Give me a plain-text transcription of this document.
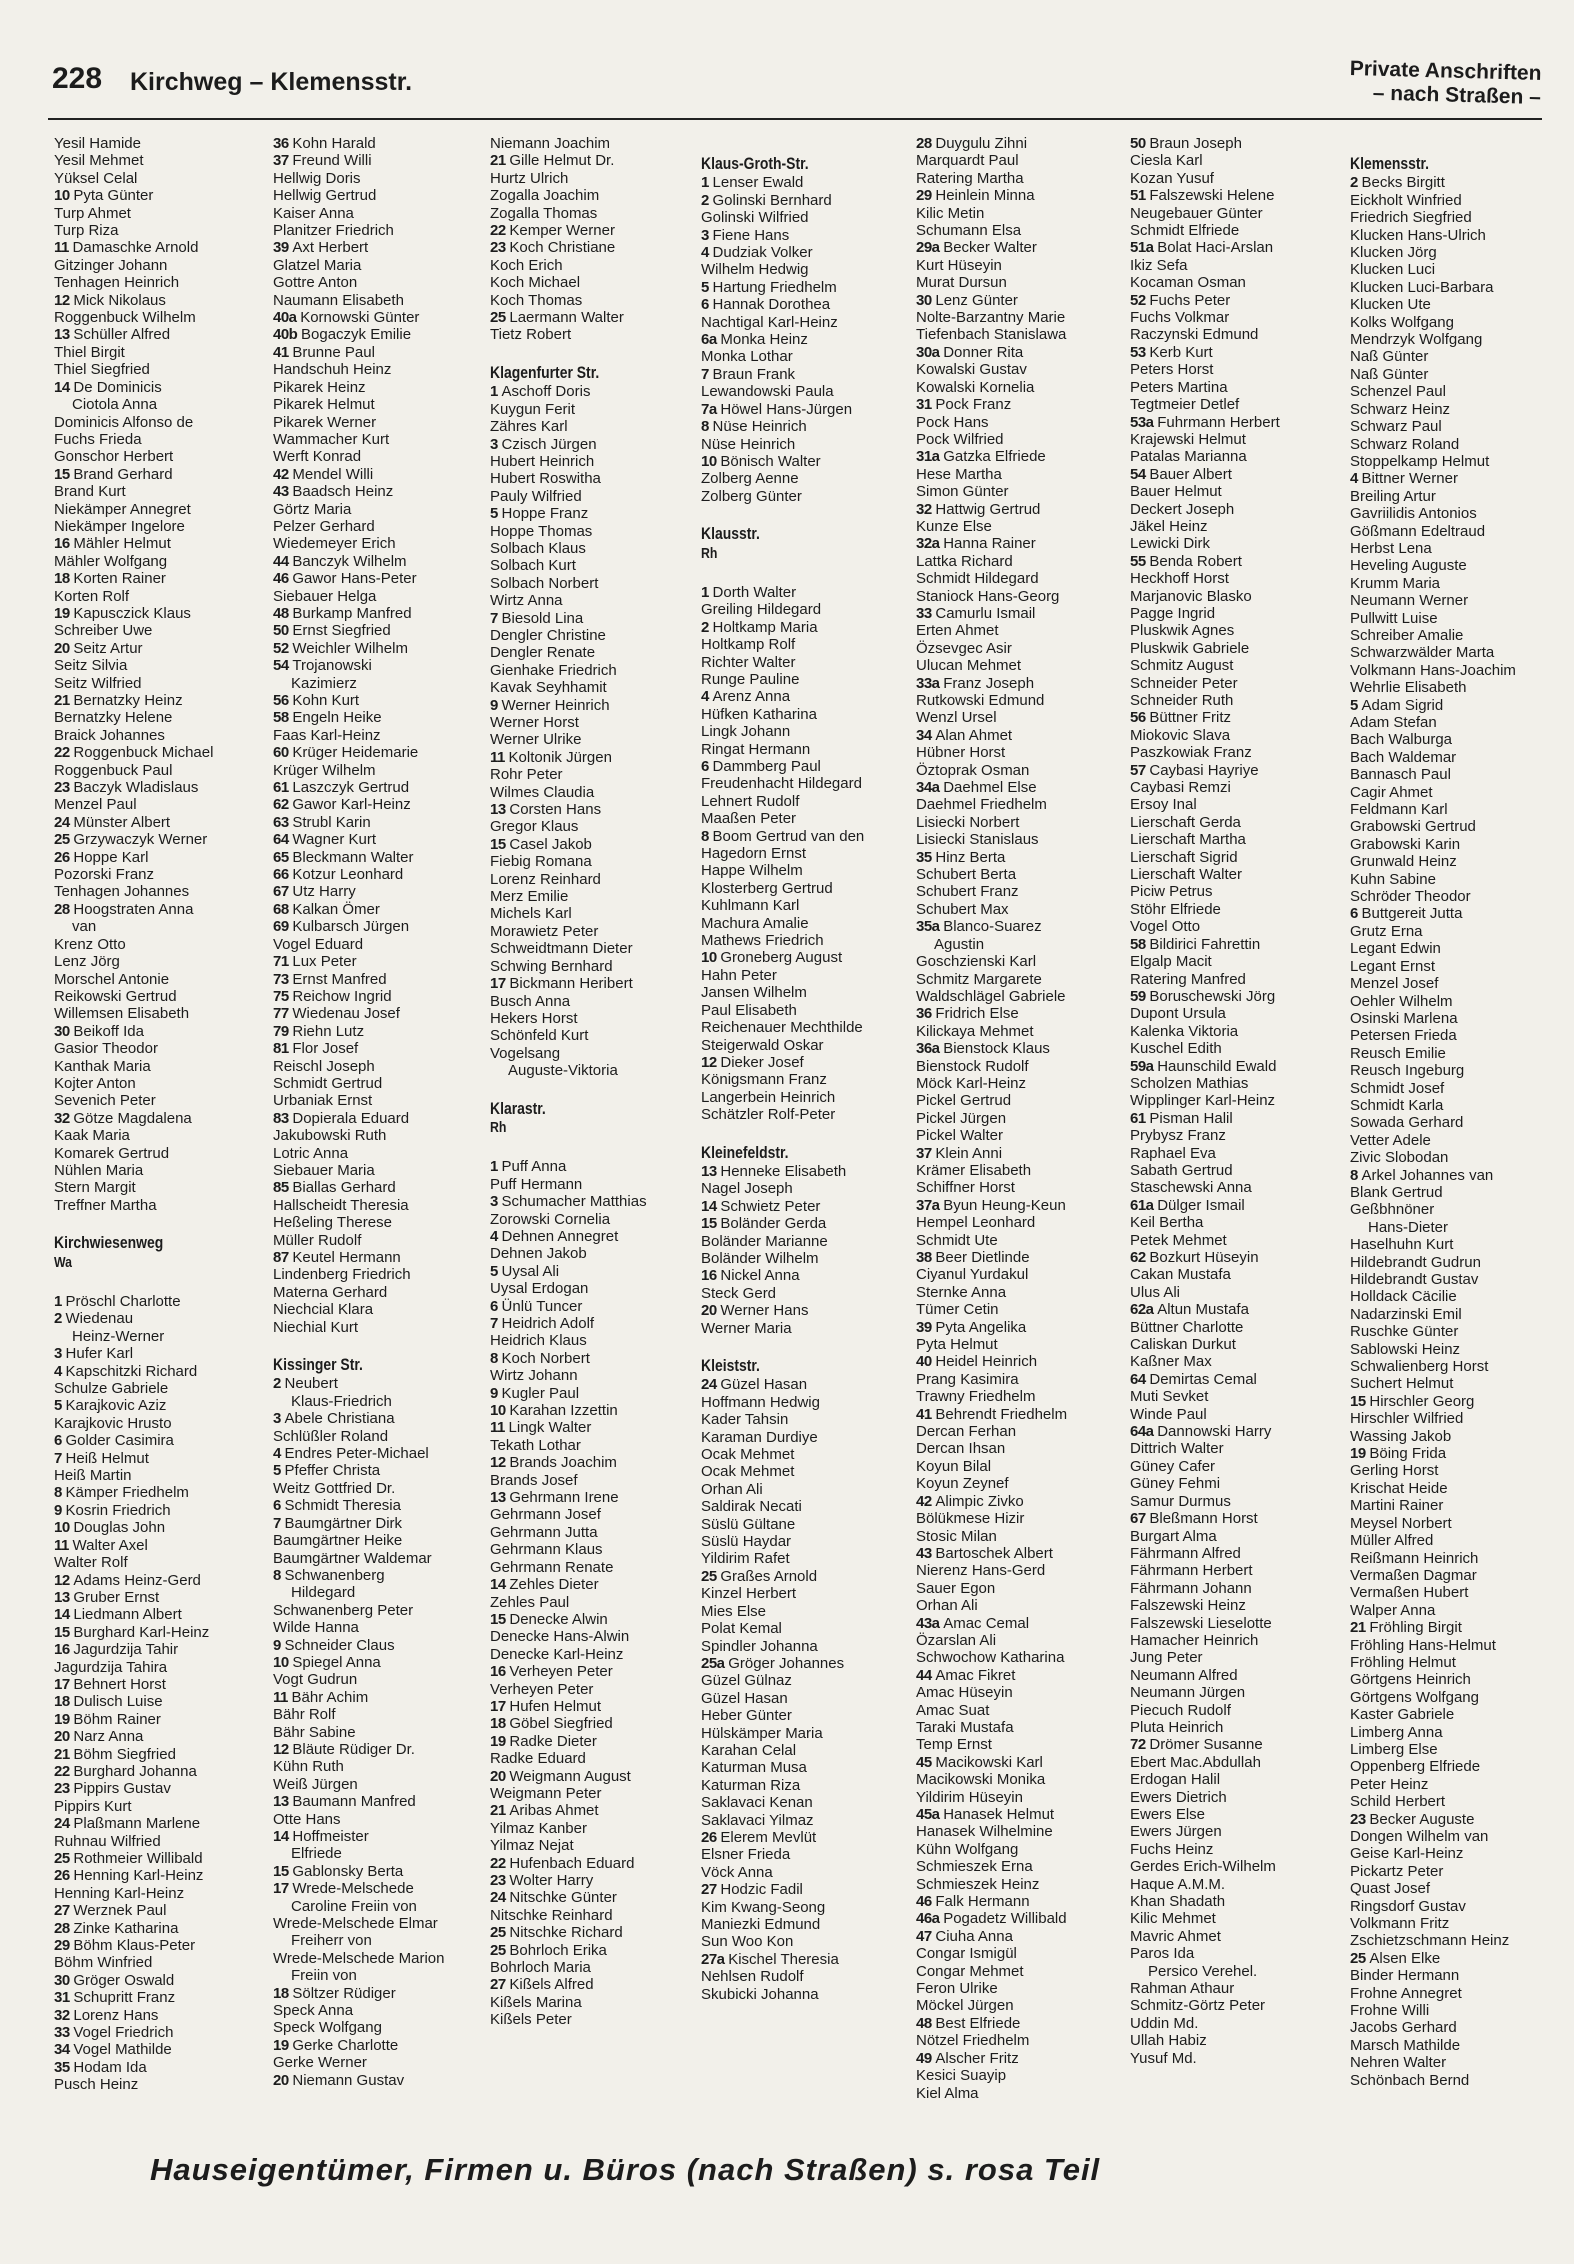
228 Kirchweg – Klemensstr.	Private Anschriften
– nach Straßen –
Yesil Hamide
Yesil Mehmet
Yüksel Celal
10 Pyta Günter
Turp Ahmet
Turp Riza
11 Damaschke Arnold
Gitzinger Johann
Tenhagen Heinrich
12 Mick Nikolaus
Roggenbuck Wilhelm
13 Schüller Alfred
Thiel Birgit
Thiel Siegfried
14 De Dominicis
Ciotola Anna
Dominicis Alfonso de
Fuchs Frieda
Gonschor Herbert
15 Brand Gerhard
Brand Kurt
Niekämper Annegret
Niekämper Ingelore
16 Mähler Helmut
Mähler Wolfgang
18 Korten Rainer
Korten Rolf
19 Kapusczick Klaus
Schreiber Uwe
20 Seitz Artur
Seitz Silvia
Seitz Wilfried
21 Bernatzky Heinz
Bernatzky Helene
Braick Johannes
22 Roggenbuck Michael
Roggenbuck Paul
23 Baczyk Wladislaus
Menzel Paul
24 Münster Albert
25 Grzywaczyk Werner
26 Hoppe Karl
Pozorski Franz
Tenhagen Johannes
28 Hoogstraten Anna
van
Krenz Otto
Lenz Jörg
Morschel Antonie
Reikowski Gertrud
Willemsen Elisabeth
30 Beikoff Ida
Gasior Theodor
Kanthak Maria
Kojter Anton
Sevenich Peter
32 Götze Magdalena
Kaak Maria
Komarek Gertrud
Nühlen Maria
Stern Margit
Treffner Martha
Kirchwiesenweg
Wa
1 Pröschl Charlotte
2 Wiedenau
Heinz-Werner
3 Hufer Karl
4 Kapschitzki Richard
Schulze Gabriele
5 Karajkovic Aziz
Karajkovic Hrusto
6 Golder Casimira
7 Heiß Helmut
Heiß Martin
8 Kämper Friedhelm
9 Kosrin Friedrich
10 Douglas John
11 Walter Axel
Walter Rolf
12 Adams Heinz-Gerd
13 Gruber Ernst
14 Liedmann Albert
15 Burghard Karl-Heinz
16 Jagurdzija Tahir
Jagurdzija Tahira
17 Behnert Horst
18 Dulisch Luise
19 Böhm Rainer
20 Narz Anna
21 Böhm Siegfried
22 Burghard Johanna
23 Pippirs Gustav
Pippirs Kurt
24 Plaßmann Marlene
Ruhnau Wilfried
25 Rothmeier Willibald
26 Henning Karl-Heinz
Henning Karl-Heinz
27 Werznek Paul
28 Zinke Katharina
29 Böhm Klaus-Peter
Böhm Winfried
30 Gröger Oswald
31 Schupritt Franz
32 Lorenz Hans
33 Vogel Friedrich
34 Vogel Mathilde
35 Hodam Ida
Pusch Heinz
36 Kohn Harald
37 Freund Willi
Hellwig Doris
Hellwig Gertrud
Kaiser Anna
Planitzer Friedrich
39 Axt Herbert
Glatzel Maria
Gottre Anton
Naumann Elisabeth
40a Kornowski Günter
40b Bogaczyk Emilie
41 Brunne Paul
Handschuh Heinz
Pikarek Heinz
Pikarek Helmut
Pikarek Werner
Wammacher Kurt
Werft Konrad
42 Mendel Willi
43 Baadsch Heinz
Görtz Maria
Pelzer Gerhard
Wiedemeyer Erich
44 Banczyk Wilhelm
46 Gawor Hans-Peter
Siebauer Helga
48 Burkamp Manfred
50 Ernst Siegfried
52 Weichler Wilhelm
54 Trojanowski
Kazimierz
56 Kohn Kurt
58 Engeln Heike
Faas Karl-Heinz
60 Krüger Heidemarie
Krüger Wilhelm
61 Laszczyk Gertrud
62 Gawor Karl-Heinz
63 Strubl Karin
64 Wagner Kurt
65 Bleckmann Walter
66 Kotzur Leonhard
67 Utz Harry
68 Kalkan Ömer
69 Kulbarsch Jürgen
Vogel Eduard
71 Lux Peter
73 Ernst Manfred
75 Reichow Ingrid
77 Wiedenau Josef
79 Riehn Lutz
81 Flor Josef
Reischl Joseph
Schmidt Gertrud
Urbaniak Ernst
83 Dopierala Eduard
Jakubowski Ruth
Lotric Anna
Siebauer Maria
85 Biallas Gerhard
Hallscheidt Theresia
Heßeling Therese
Müller Rudolf
87 Keutel Hermann
Lindenberg Friedrich
Materna Gerhard
Niechcial Klara
Niechial Kurt
Kissinger Str.
2 Neubert
Klaus-Friedrich
3 Abele Christiana
Schlüßler Roland
4 Endres Peter-Michael
5 Pfeffer Christa
Weitz Gottfried Dr.
6 Schmidt Theresia
7 Baumgärtner Dirk
Baumgärtner Heike
Baumgärtner Waldemar
8 Schwanenberg
Hildegard
Schwanenberg Peter
Wilde Hanna
9 Schneider Claus
10 Spiegel Anna
Vogt Gudrun
11 Bähr Achim
Bähr Rolf
Bähr Sabine
12 Bläute Rüdiger Dr.
Kühn Ruth
Weiß Jürgen
13 Baumann Manfred
Otte Hans
14 Hoffmeister
Elfriede
15 Gablonsky Berta
17 Wrede-Melschede
Caroline Freiin von
Wrede-Melschede Elmar
Freiherr von
Wrede-Melschede Marion
Freiin von
18 Söltzer Rüdiger
Speck Anna
Speck Wolfgang
19 Gerke Charlotte
Gerke Werner
20 Niemann Gustav
Niemann Joachim
21 Gille Helmut Dr.
Hurtz Ulrich
Zogalla Joachim
Zogalla Thomas
22 Kemper Werner
23 Koch Christiane
Koch Erich
Koch Michael
Koch Thomas
25 Laermann Walter
Tietz Robert
Klagenfurter Str.
1 Aschoff Doris
Kuygun Ferit
Zähres Karl
3 Czisch Jürgen
Hubert Heinrich
Hubert Roswitha
Pauly Wilfried
5 Hoppe Franz
Hoppe Thomas
Solbach Klaus
Solbach Kurt
Solbach Norbert
Wirtz Anna
7 Biesold Lina
Dengler Christine
Dengler Renate
Gienhake Friedrich
Kavak Seyhhamit
9 Werner Heinrich
Werner Horst
Werner Ulrike
11 Koltonik Jürgen
Rohr Peter
Wilmes Claudia
13 Corsten Hans
Gregor Klaus
15 Casel Jakob
Fiebig Romana
Lorenz Reinhard
Merz Emilie
Michels Karl
Morawietz Peter
Schweidtmann Dieter
Schwing Bernhard
17 Bickmann Heribert
Busch Anna
Hekers Horst
Schönfeld Kurt
Vogelsang
Auguste-Viktoria
Klarastr.
Rh
1 Puff Anna
Puff Hermann
3 Schumacher Matthias
Zorowski Cornelia
4 Dehnen Annegret
Dehnen Jakob
5 Uysal Ali
Uysal Erdogan
6 Ünlü Tuncer
7 Heidrich Adolf
Heidrich Klaus
8 Koch Norbert
Wirtz Johann
9 Kugler Paul
10 Karahan Izzettin
11 Lingk Walter
Tekath Lothar
12 Brands Joachim
Brands Josef
13 Gehrmann Irene
Gehrmann Josef
Gehrmann Jutta
Gehrmann Klaus
Gehrmann Renate
14 Zehles Dieter
Zehles Paul
15 Denecke Alwin
Denecke Hans-Alwin
Denecke Karl-Heinz
16 Verheyen Peter
Verheyen Peter
17 Hufen Helmut
18 Göbel Siegfried
19 Radke Dieter
Radke Eduard
20 Weigmann August
Weigmann Peter
21 Aribas Ahmet
Yilmaz Kanber
Yilmaz Nejat
22 Hufenbach Eduard
23 Wolter Harry
24 Nitschke Günter
Nitschke Reinhard
25 Nitschke Richard
25 Bohrloch Erika
Bohrloch Maria
27 Kißels Alfred
Kißels Marina
Kißels Peter
Klaus-Groth-Str.
1 Lenser Ewald
2 Golinski Bernhard
Golinski Wilfried
3 Fiene Hans
4 Dudziak Volker
Wilhelm Hedwig
5 Hartung Friedhelm
6 Hannak Dorothea
Nachtigal Karl-Heinz
6a Monka Heinz
Monka Lothar
7 Braun Frank
Lewandowski Paula
7a Höwel Hans-Jürgen
8 Nüse Heinrich
Nüse Heinrich
10 Bönisch Walter
Zolberg Aenne
Zolberg Günter
Klausstr.
Rh
1 Dorth Walter
Greiling Hildegard
2 Holtkamp Maria
Holtkamp Rolf
Richter Walter
Runge Pauline
4 Arenz Anna
Hüfken Katharina
Lingk Johann
Ringat Hermann
6 Dammberg Paul
Freudenhacht Hildegard
Lehnert Rudolf
Maaßen Peter
8 Boom Gertrud van den
Hagedorn Ernst
Happe Wilhelm
Klosterberg Gertrud
Kuhlmann Karl
Machura Amalie
Mathews Friedrich
10 Groneberg August
Hahn Peter
Jansen Wilhelm
Paul Elisabeth
Reichenauer Mechthilde
Steigerwald Oskar
12 Dieker Josef
Königsmann Franz
Langerbein Heinrich
Schätzler Rolf-Peter
Kleinefeldstr.
13 Henneke Elisabeth
Nagel Joseph
14 Schwietz Peter
15 Boländer Gerda
Boländer Marianne
Boländer Wilhelm
16 Nickel Anna
Steck Gerd
20 Werner Hans
Werner Maria
Kleiststr.
24 Güzel Hasan
Hoffmann Hedwig
Kader Tahsin
Karaman Durdiye
Ocak Mehmet
Ocak Mehmet
Orhan Ali
Saldirak Necati
Süslü Gültane
Süslü Haydar
Yildirim Rafet
25 Graßes Arnold
Kinzel Herbert
Mies Else
Polat Kemal
Spindler Johanna
25a Gröger Johannes
Güzel Gülnaz
Güzel Hasan
Heber Günter
Hülskämper Maria
Karahan Celal
Katurman Musa
Katurman Riza
Saklavaci Kenan
Saklavaci Yilmaz
26 Elerem Mevlüt
Elsner Frieda
Vöck Anna
27 Hodzic Fadil
Kim Kwang-Seong
Maniezki Edmund
Sun Woo Kon
27a Kischel Theresia
Nehlsen Rudolf
Skubicki Johanna
28 Duygulu Zihni
Marquardt Paul
Ratering Martha
29 Heinlein Minna
Kilic Metin
Schumann Elsa
29a Becker Walter
Kurt Hüseyin
Murat Dursun
30 Lenz Günter
Nolte-Barzantny Marie
Tiefenbach Stanislawa
30a Donner Rita
Kowalski Gustav
Kowalski Kornelia
31 Pock Franz
Pock Hans
Pock Wilfried
31a Gatzka Elfriede
Hese Martha
Simon Günter
32 Hattwig Gertrud
Kunze Else
32a Hanna Rainer
Lattka Richard
Schmidt Hildegard
Staniock Hans-Georg
33 Camurlu Ismail
Erten Ahmet
Özsevgec Asir
Ulucan Mehmet
33a Franz Joseph
Rutkowski Edmund
Wenzl Ursel
34 Alan Ahmet
Hübner Horst
Öztoprak Osman
34a Daehmel Else
Daehmel Friedhelm
Lisiecki Norbert
Lisiecki Stanislaus
35 Hinz Berta
Schubert Berta
Schubert Franz
Schubert Max
35a Blanco-Suarez
Agustin
Goschzienski Karl
Schmitz Margarete
Waldschlägel Gabriele
36 Fridrich Else
Kilickaya Mehmet
36a Bienstock Klaus
Bienstock Rudolf
Möck Karl-Heinz
Pickel Gertrud
Pickel Jürgen
Pickel Walter
37 Klein Anni
Krämer Elisabeth
Schiffner Horst
37a Byun Heung-Keun
Hempel Leonhard
Schmidt Ute
38 Beer Dietlinde
Ciyanul Yurdakul
Sternke Anna
Tümer Cetin
39 Pyta Angelika
Pyta Helmut
40 Heidel Heinrich
Prang Kasimira
Trawny Friedhelm
41 Behrendt Friedhelm
Dercan Ferhan
Dercan Ihsan
Koyun Bilal
Koyun Zeynef
42 Alimpic Zivko
Bölükmese Hizir
Stosic Milan
43 Bartoschek Albert
Nierenz Hans-Gerd
Sauer Egon
Orhan Ali
43a Amac Cemal
Özarslan Ali
Schwochow Katharina
44 Amac Fikret
Amac Hüseyin
Amac Suat
Taraki Mustafa
Temp Ernst
45 Macikowski Karl
Macikowski Monika
Yildirim Hüseyin
45a Hanasek Helmut
Hanasek Wilhelmine
Kühn Wolfgang
Schmieszek Erna
Schmieszek Heinz
46 Falk Hermann
46a Pogadetz Willibald
47 Ciuha Anna
Congar Ismigül
Congar Mehmet
Feron Ulrike
Möckel Jürgen
48 Best Elfriede
Nötzel Friedhelm
49 Alscher Fritz
Kesici Suayip
Kiel Alma
50 Braun Joseph
Ciesla Karl
Kozan Yusuf
51 Falszewski Helene
Neugebauer Günter
Schmidt Elfriede
51a Bolat Haci-Arslan
Ikiz Sefa
Kocaman Osman
52 Fuchs Peter
Fuchs Volkmar
Raczynski Edmund
53 Kerb Kurt
Peters Horst
Peters Martina
Tegtmeier Detlef
53a Fuhrmann Herbert
Krajewski Helmut
Patalas Marianna
54 Bauer Albert
Bauer Helmut
Deckert Joseph
Jäkel Heinz
Lewicki Dirk
55 Benda Robert
Heckhoff Horst
Marjanovic Blasko
Pagge Ingrid
Pluskwik Agnes
Pluskwik Gabriele
Schmitz August
Schneider Peter
Schneider Ruth
56 Büttner Fritz
Miokovic Slava
Paszkowiak Franz
57 Caybasi Hayriye
Caybasi Remzi
Ersoy Inal
Lierschaft Gerda
Lierschaft Martha
Lierschaft Sigrid
Lierschaft Walter
Piciw Petrus
Stöhr Elfriede
Vogel Otto
58 Bildirici Fahrettin
Elgalp Macit
Ratering Manfred
59 Boruschewski Jörg
Dupont Ursula
Kalenka Viktoria
Kuschel Edith
59a Haunschild Ewald
Scholzen Mathias
Wipplinger Karl-Heinz
61 Pisman Halil
Prybysz Franz
Raphael Eva
Sabath Gertrud
Staschewski Anna
61a Dülger Ismail
Keil Bertha
Petek Mehmet
62 Bozkurt Hüseyin
Cakan Mustafa
Ulus Ali
62a Altun Mustafa
Büttner Charlotte
Caliskan Durkut
Kaßner Max
64 Demirtas Cemal
Muti Sevket
Winde Paul
64a Dannowski Harry
Dittrich Walter
Güney Cafer
Güney Fehmi
Samur Durmus
67 Bleßmann Horst
Burgart Alma
Fährmann Alfred
Fährmann Herbert
Fährmann Johann
Falszewski Heinz
Falszewski Lieselotte
Hamacher Heinrich
Jung Peter
Neumann Alfred
Neumann Jürgen
Piecuch Rudolf
Pluta Heinrich
72 Drömer Susanne
Ebert Mac.Abdullah
Erdogan Halil
Ewers Dietrich
Ewers Else
Ewers Jürgen
Fuchs Heinz
Gerdes Erich-Wilhelm
Haque A.M.M.
Khan Shadath
Kilic Mehmet
Mavric Ahmet
Paros Ida
Persico Verehel.
Rahman Athaur
Schmitz-Görtz Peter
Uddin Md.
Ullah Habiz
Yusuf Md.
Klemensstr.
2 Becks Birgitt
Eickholt Winfried
Friedrich Siegfried
Klucken Hans-Ulrich
Klucken Jörg
Klucken Luci
Klucken Luci-Barbara
Klucken Ute
Kolks Wolfgang
Mendrzyk Wolfgang
Naß Günter
Naß Günter
Schenzel Paul
Schwarz Heinz
Schwarz Paul
Schwarz Roland
Stoppelkamp Helmut
4 Bittner Werner
Breiling Artur
Gavriilidis Antonios
Gößmann Edeltraud
Herbst Lena
Heveling Auguste
Krumm Maria
Neumann Werner
Pullwitt Luise
Schreiber Amalie
Schwarzwälder Marta
Volkmann Hans-Joachim
Wehrlie Elisabeth
5 Adam Sigrid
Adam Stefan
Bach Walburga
Bach Waldemar
Bannasch Paul
Cagir Ahmet
Feldmann Karl
Grabowski Gertrud
Grabowski Karin
Grunwald Heinz
Kuhn Sabine
Schröder Theodor
6 Buttgereit Jutta
Grutz Erna
Legant Edwin
Legant Ernst
Menzel Josef
Oehler Wilhelm
Osinski Marlena
Petersen Frieda
Reusch Emilie
Reusch Ingeburg
Schmidt Josef
Schmidt Karla
Sowada Gerhard
Vetter Adele
Zivic Slobodan
8 Arkel Johannes van
Blank Gertrud
Geßbhnöner
Hans-Dieter
Haselhuhn Kurt
Hildebrandt Gudrun
Hildebrandt Gustav
Holldack Cäcilie
Nadarzinski Emil
Ruschke Günter
Sablowski Heinz
Schwalienberg Horst
Suchert Helmut
15 Hirschler Georg
Hirschler Wilfried
Wassing Jakob
19 Böing Frida
Gerling Horst
Krischat Heide
Martini Rainer
Meysel Norbert
Müller Alfred
Reißmann Heinrich
Vermaßen Dagmar
Vermaßen Hubert
Walper Anna
21 Fröhling Birgit
Fröhling Hans-Helmut
Fröhling Helmut
Görtgens Heinrich
Görtgens Wolfgang
Kaster Gabriele
Limberg Anna
Limberg Else
Oppenberg Elfriede
Peter Heinz
Schild Herbert
23 Becker Auguste
Dongen Wilhelm van
Geise Karl-Heinz
Pickartz Peter
Quast Josef
Ringsdorf Gustav
Volkmann Fritz
Zschietzschmann Heinz
25 Alsen Elke
Binder Hermann
Frohne Annegret
Frohne Willi
Jacobs Gerhard
Marsch Mathilde
Nehren Walter
Schönbach Bernd
Hauseigentümer, Firmen u. Büros (nach Straßen) s. rosa Teil
